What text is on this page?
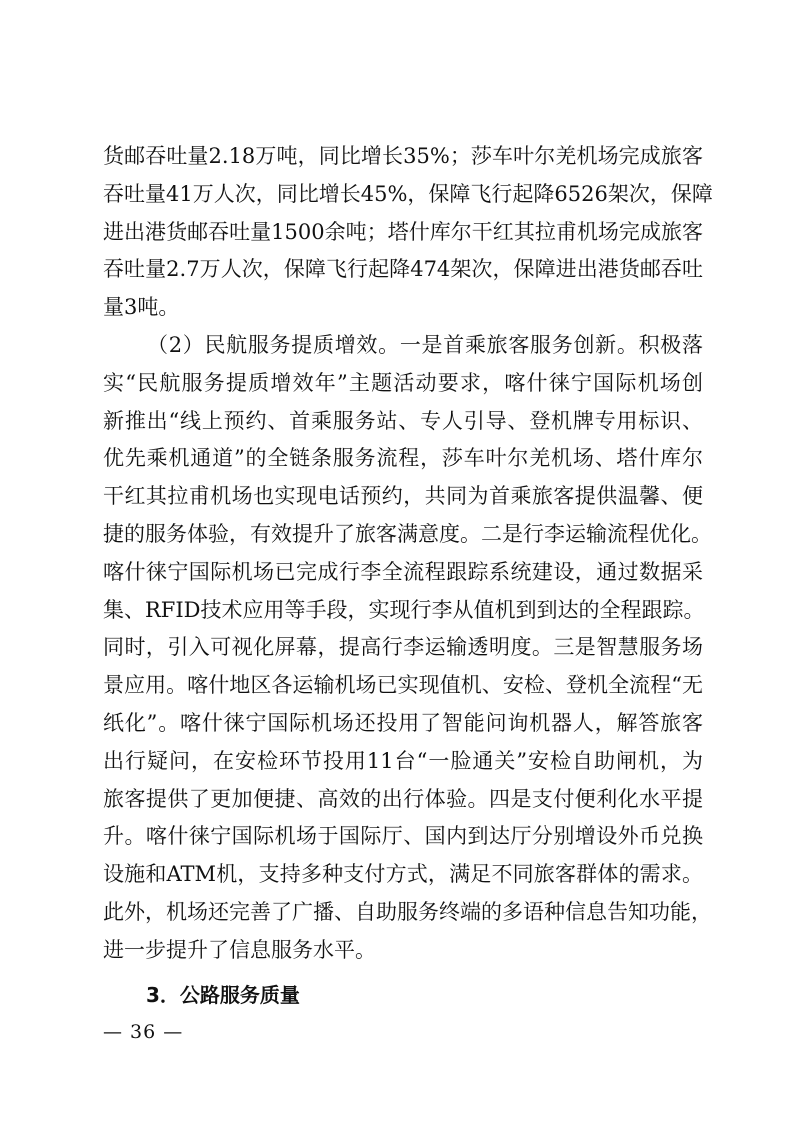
货邮吞吐量2.18万吨，同比增长35%；莎车叶尔羌机场完成旅客
吞吐量41万人次，同比增长45%，保障飞行起降6526架次，保障
进出港货邮吞吐量1500余吨；塔什库尔干红其拉甫机场完成旅客
吞吐量2.7万人次，保障飞行起降474架次，保障进出港货邮吞吐
量3吨。
（2）民航服务提质增效。一是首乘旅客服务创新。积极落
实“民航服务提质增效年”主题活动要求，喀什徕宁国际机场创
新推出“线上预约、首乘服务站、专人引导、登机牌专用标识、
优先乘机通道”的全链条服务流程，莎车叶尔羌机场、塔什库尔
干红其拉甫机场也实现电话预约，共同为首乘旅客提供温馨、便
捷的服务体验，有效提升了旅客满意度。二是行李运输流程优化。
喀什徕宁国际机场已完成行李全流程跟踪系统建设，通过数据采
集、RFID技术应用等手段，实现行李从值机到到达的全程跟踪。
同时，引入可视化屏幕，提高行李运输透明度。三是智慧服务场
景应用。喀什地区各运输机场已实现值机、安检、登机全流程“无
纸化”。喀什徕宁国际机场还投用了智能问询机器人，解答旅客
出行疑问，在安检环节投用11台“一脸通关”安检自助闸机，为
旅客提供了更加便捷、高效的出行体验。四是支付便利化水平提
升。喀什徕宁国际机场于国际厅、国内到达厅分别增设外币兑换
设施和ATM机，支持多种支付方式，满足不同旅客群体的需求。
此外，机场还完善了广播、自助服务终端的多语种信息告知功能，
进一步提升了信息服务水平。
3．公路服务质量
— 36 —
